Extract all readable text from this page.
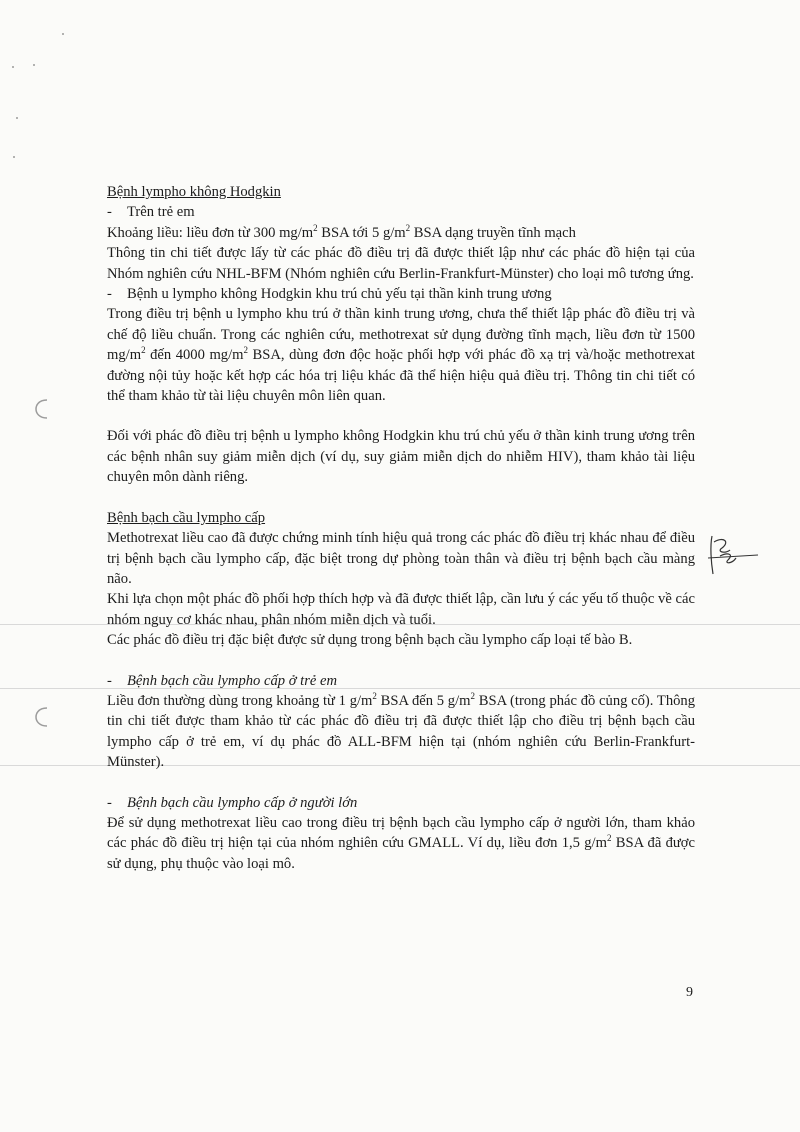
Bệnh lympho không Hodgkin

- Trên trẻ em

Khoảng liều: liều đơn từ 300 $mg/m^2$ BSA tới 5 $g/m^2$ BSA dạng truyền tĩnh mạch

Thông tin chi tiết được lấy từ các phác đồ điều trị đã được thiết lập như các phác đồ hiện tại của Nhóm nghiên cứu NHL-BFM (Nhóm nghiên cứu Berlin-Frankfurt-Münster) cho loại mô tương ứng.

- Bệnh u lympho không Hodgkin khu trú chủ yếu tại thần kinh trung ương

Trong điều trị bệnh u lympho khu trú ở thần kinh trung ương, chưa thể thiết lập phác đồ điều trị và chế độ liều chuẩn. Trong các nghiên cứu, methotrexat sử dụng đường tĩnh mạch, liều đơn từ 1500 $mg/m^2$ đến 4000 $mg/m^2$ BSA, dùng đơn độc hoặc phối hợp với phác đồ xạ trị và/hoặc methotrexat đường nội tủy hoặc kết hợp các hóa trị liệu khác đã thể hiện hiệu quả điều trị. Thông tin chi tiết có thể tham khảo từ tài liệu chuyên môn liên quan.

Đối với phác đồ điều trị bệnh u lympho không Hodgkin khu trú chủ yếu ở thần kinh trung ương trên các bệnh nhân suy giảm miễn dịch (ví dụ, suy giảm miễn dịch do nhiễm HIV), tham khảo tài liệu chuyên môn dành riêng.

Bệnh bạch cầu lympho cấp

Methotrexat liều cao đã được chứng minh tính hiệu quả trong các phác đồ điều trị khác nhau để điều trị bệnh bạch cầu lympho cấp, đặc biệt trong dự phòng toàn thân và điều trị bệnh bạch cầu màng não.

Khi lựa chọn một phác đồ phối hợp thích hợp và đã được thiết lập, cần lưu ý các yếu tố thuộc về các nhóm nguy cơ khác nhau, phân nhóm miễn dịch và tuổi.

Các phác đồ điều trị đặc biệt được sử dụng trong bệnh bạch cầu lympho cấp loại tế bào B.

- Bệnh bạch cầu lympho cấp ở trẻ em

Liều đơn thường dùng trong khoảng từ 1 $g/m^2$ BSA đến 5 $g/m^2$ BSA (trong phác đồ củng cố). Thông tin chi tiết được tham khảo từ các phác đồ điều trị đã được thiết lập cho điều trị bệnh bạch cầu lympho cấp ở trẻ em, ví dụ phác đồ ALL-BFM hiện tại (nhóm nghiên cứu Berlin-Frankfurt-Münster).

- Bệnh bạch cầu lympho cấp ở người lớn

Để sử dụng methotrexat liều cao trong điều trị bệnh bạch cầu lympho cấp ở người lớn, tham khảo các phác đồ điều trị hiện tại của nhóm nghiên cứu GMALL. Ví dụ, liều đơn 1,5 $g/m^2$ BSA đã được sử dụng, phụ thuộc vào loại mô.

9
